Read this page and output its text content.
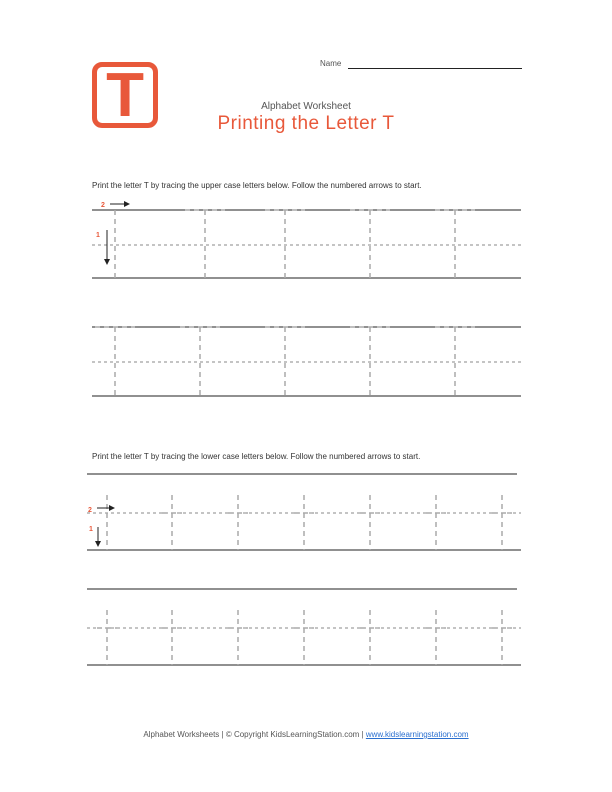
Name
T	Alphabet Worksheet
Printing the Letter T
Print the letter T by tracing the upper case letters below. Follow the numbered arrows to start.
Print the letter T by tracing the lower case letters below. Follow the numbered arrows to start.
2
1
2
1
Alphabet Worksheets | © Copyright KidsLearningStation.com | www.kidslearningstation.com
